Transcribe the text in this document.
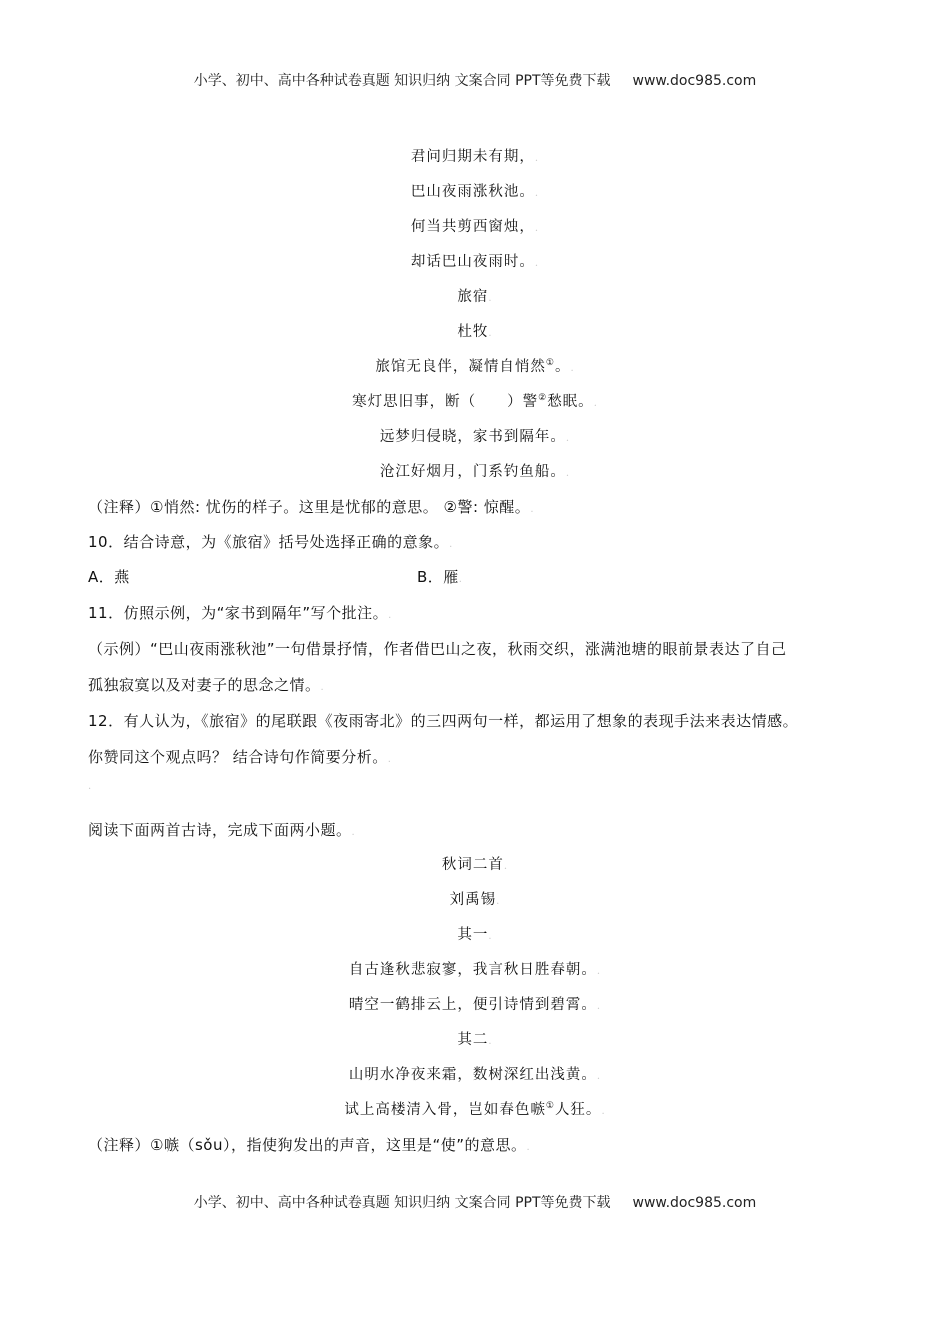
小学、初中、高中各种试卷真题 知识归纳 文案合同 PPT等免费下载 www.doc985.com
君问归期未有期，.
巴山夜雨涨秋池。.
何当共剪西窗烛，.
却话巴山夜雨时。.
旅宿.
杜牧.
旅馆无良伴，凝情自悄然①。.
寒灯思旧事，断（　　）警②愁眠。.
远梦归侵晓，家书到隔年。.
沧江好烟月，门系钓鱼船。.
（注释）①悄然: 忧伤的样子。这里是忧郁的意思。 ②警: 惊醒。.
10．结合诗意，为《旅宿》括号处选择正确的意象。.
A．燕	B．雁.
11．仿照示例，为“家书到隔年”写个批注。.
（示例）“巴山夜雨涨秋池”一句借景抒情，作者借巴山之夜，秋雨交织，涨满池塘的眼前景表达了自己
孤独寂寞以及对妻子的思念之情。.
12．有人认为，《旅宿》的尾联跟《夜雨寄北》的三四两句一样，都运用了想象的表现手法来表达情感。
你赞同这个观点吗？ 结合诗句作简要分析。.
.
阅读下面两首古诗，完成下面两小题。.
秋词二首.
刘禹锡.
其一.
自古逢秋悲寂寥，我言秋日胜春朝。.
晴空一鹤排云上，便引诗情到碧霄。.
其二.
山明水净夜来霜，数树深红出浅黄。.
试上高楼清入骨，岂如春色嗾①人狂。.
（注释）①嗾（sǒu），指使狗发出的声音，这里是“使”的意思。.
小学、初中、高中各种试卷真题 知识归纳 文案合同 PPT等免费下载 www.doc985.com
